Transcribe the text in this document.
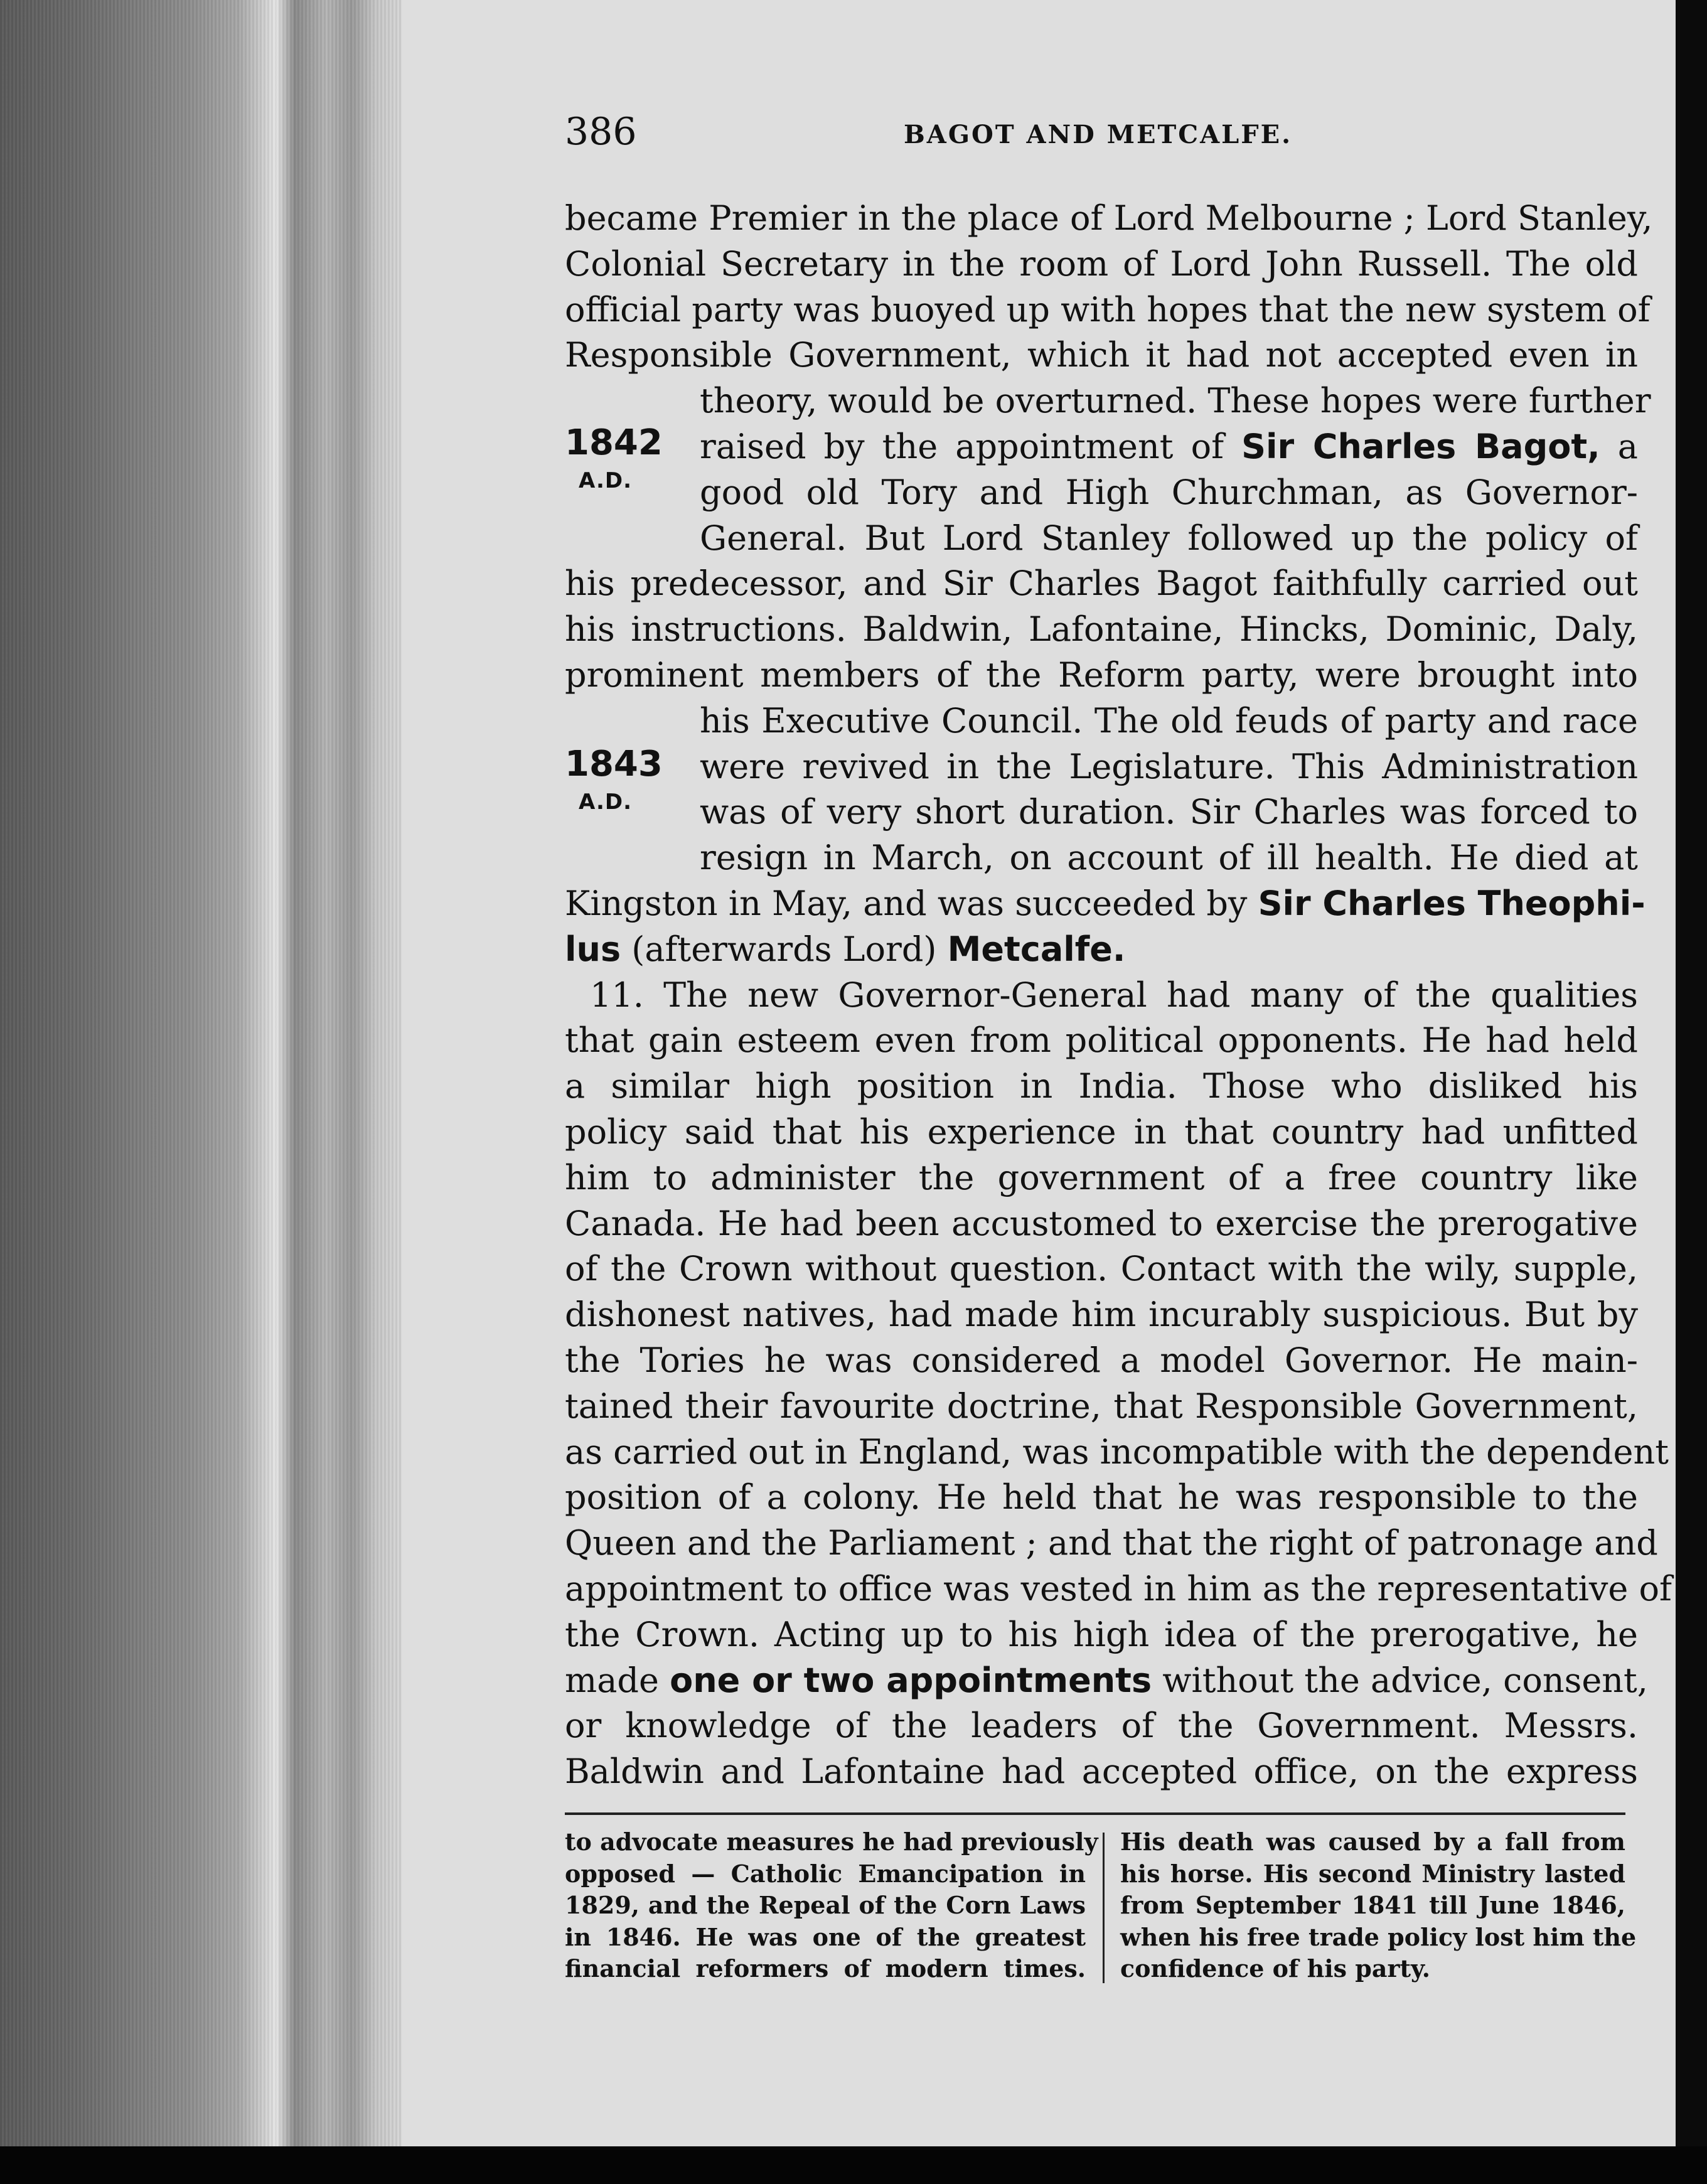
386	BAGOT AND METCALFE.
1842
A.D.
1843
A.D.
became Premier in the place of Lord Melbourne ; Lord Stanley,
Colonial Secretary in the room of Lord John Russell. The old
official party was buoyed up with hopes that the new system of
Responsible Government, which it had not accepted even in
theory, would be overturned. These hopes were further
raised by the appointment of Sir Charles Bagot, a
good old Tory and High Churchman, as Governor-
General. But Lord Stanley followed up the policy of
his predecessor, and Sir Charles Bagot faithfully carried out
his instructions. Baldwin, Lafontaine, Hincks, Dominic, Daly,
prominent members of the Reform party, were brought into
his Executive Council. The old feuds of party and race
were revived in the Legislature. This Administration
was of very short duration. Sir Charles was forced to
resign in March, on account of ill health. He died at
Kingston in May, and was succeeded by Sir Charles Theophi-
lus (afterwards Lord) Metcalfe.
11. The new Governor-General had many of the qualities
that gain esteem even from political opponents. He had held
a similar high position in India. Those who disliked his
policy said that his experience in that country had unfitted
him to administer the government of a free country like
Canada. He had been accustomed to exercise the prerogative
of the Crown without question. Contact with the wily, supple,
dishonest natives, had made him incurably suspicious. But by
the Tories he was considered a model Governor. He main-
tained their favourite doctrine, that Responsible Government,
as carried out in England, was incompatible with the dependent
position of a colony. He held that he was responsible to the
Queen and the Parliament ; and that the right of patronage and
appointment to office was vested in him as the representative of
the Crown. Acting up to his high idea of the prerogative, he
made one or two appointments without the advice, consent,
or knowledge of the leaders of the Government. Messrs.
Baldwin and Lafontaine had accepted office, on the express
to advocate measures he had previously
opposed — Catholic Emancipation in
1829, and the Repeal of the Corn Laws
in 1846. He was one of the greatest
financial reformers of modern times.
His death was caused by a fall from
his horse. His second Ministry lasted
from September 1841 till June 1846,
when his free trade policy lost him the
confidence of his party.
